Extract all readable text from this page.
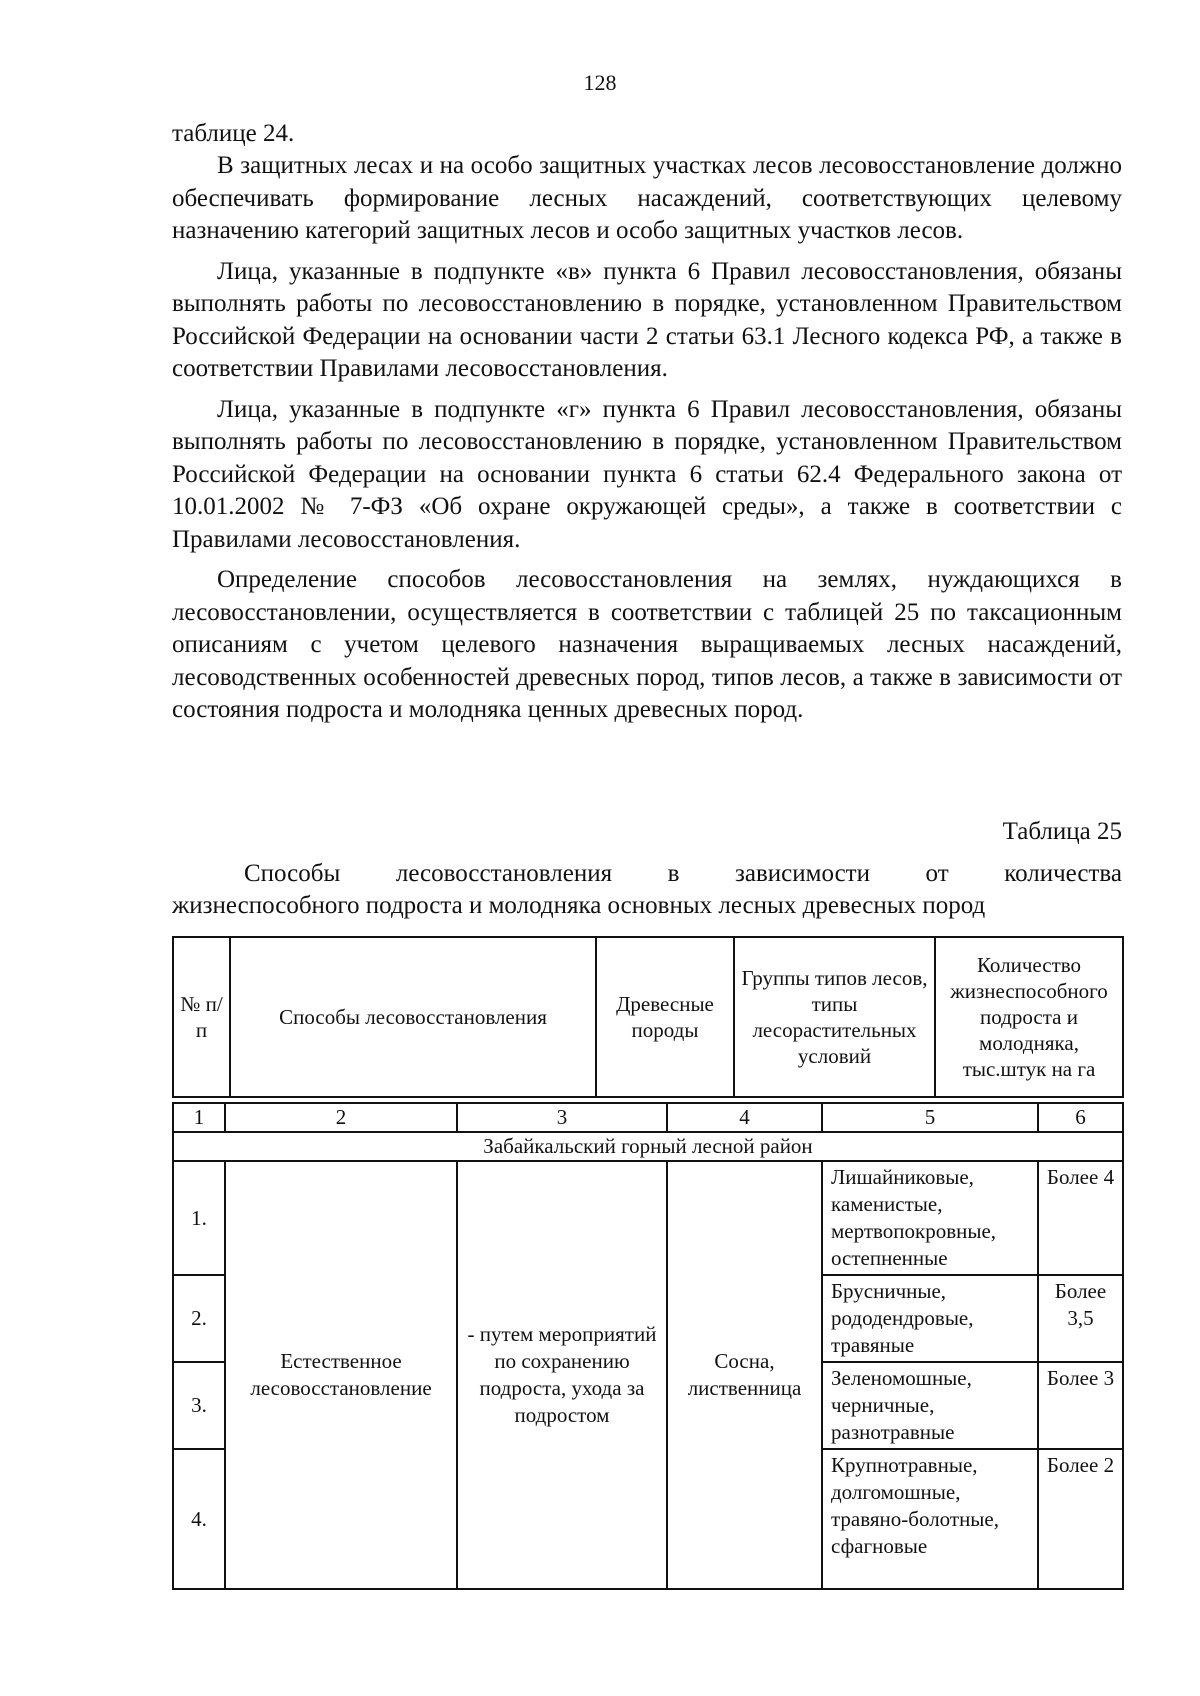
128
таблице 24.

В защитных лесах и на особо защитных участках лесов лесовосстановление должно обеспечивать формирование лесных насаждений, соответствующих целевому назначению категорий защитных лесов и особо защитных участков лесов.

Лица, указанные в подпункте «в» пункта 6 Правил лесовосстановления, обязаны выполнять работы по лесовосстановлению в порядке, установленном Правительством Российской Федерации на основании части 2 статьи 63.1 Лесного кодекса РФ, а также в соответствии Правилами лесовосстановления.

Лица, указанные в подпункте «г» пункта 6 Правил лесовосстановления, обязаны выполнять работы по лесовосстановлению в порядке, установленном Правительством Российской Федерации на основании пункта 6 статьи 62.4 Федерального закона от 10.01.2002 № 7-ФЗ «Об охране окружающей среды», а также в соответствии с Правилами лесовосстановления.

Определение способов лесовосстановления на землях, нуждающихся в лесовосстановлении, осуществляется в соответствии с таблицей 25 по таксационным описаниям с учетом целевого назначения выращиваемых лесных насаждений, лесоводственных особенностей древесных пород, типов лесов, а также в зависимости от состояния подроста и молодняка ценных древесных пород.

Таблица 25
Способы лесовосстановления в зависимости от количества
жизнеспособного подроста и молодняка основных лесных древесных пород
№ п/п	Способы лесовосстановления	Древесные породы	Группы типов лесов, типы лесорастительных условий	Количество жизнеспособного подроста и молодняка, тыс.штук на га
1	2	3	4	5	6
Забайкальский горный лесной район					
1.	Естественное лесовосстановление	- путем мероприятий по сохранению подроста, ухода за подростом	Сосна, лиственница	Лишайниковые, каменистые, мертвопокровные, остепненные	Более 4
2.				Брусничные, рододендровые, травяные	Более 3,5
3.				Зеленомошные, черничные, разнотравные	Более 3
4.				Крупнотравные, долгомошные, травяно-болотные, сфагновые	Более 2
